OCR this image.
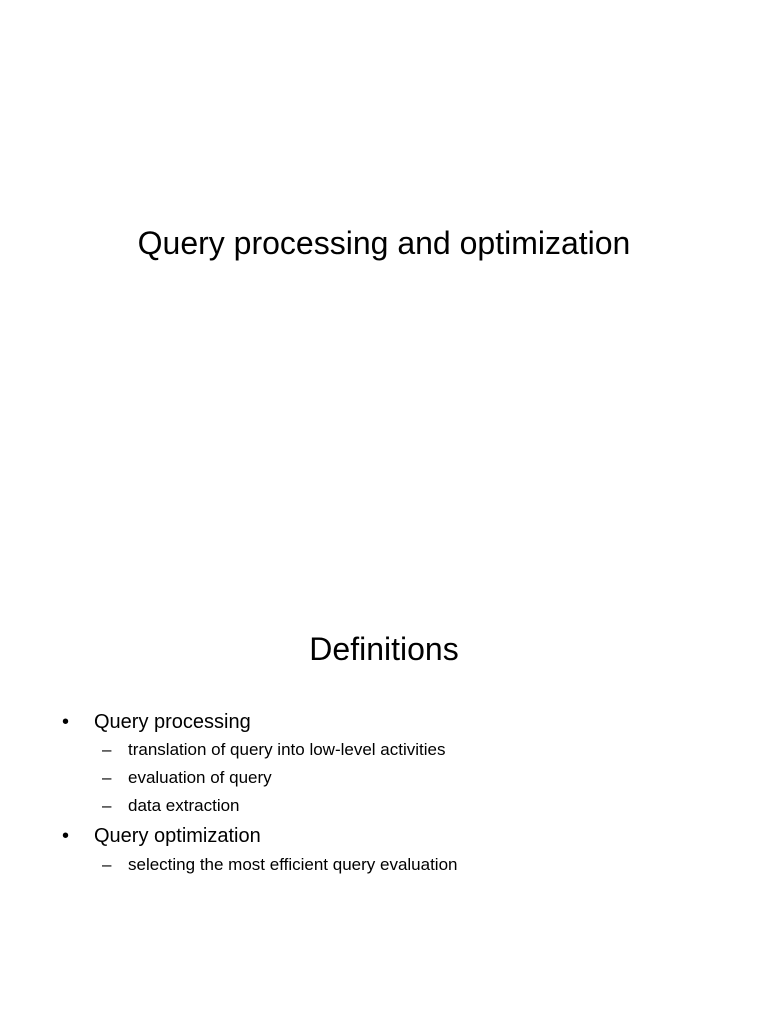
Query processing and optimization
Definitions
•	Query processing
– translation of query into low-level activities
– evaluation of query
– data extraction
•	Query optimization
– selecting the most efficient query evaluation
